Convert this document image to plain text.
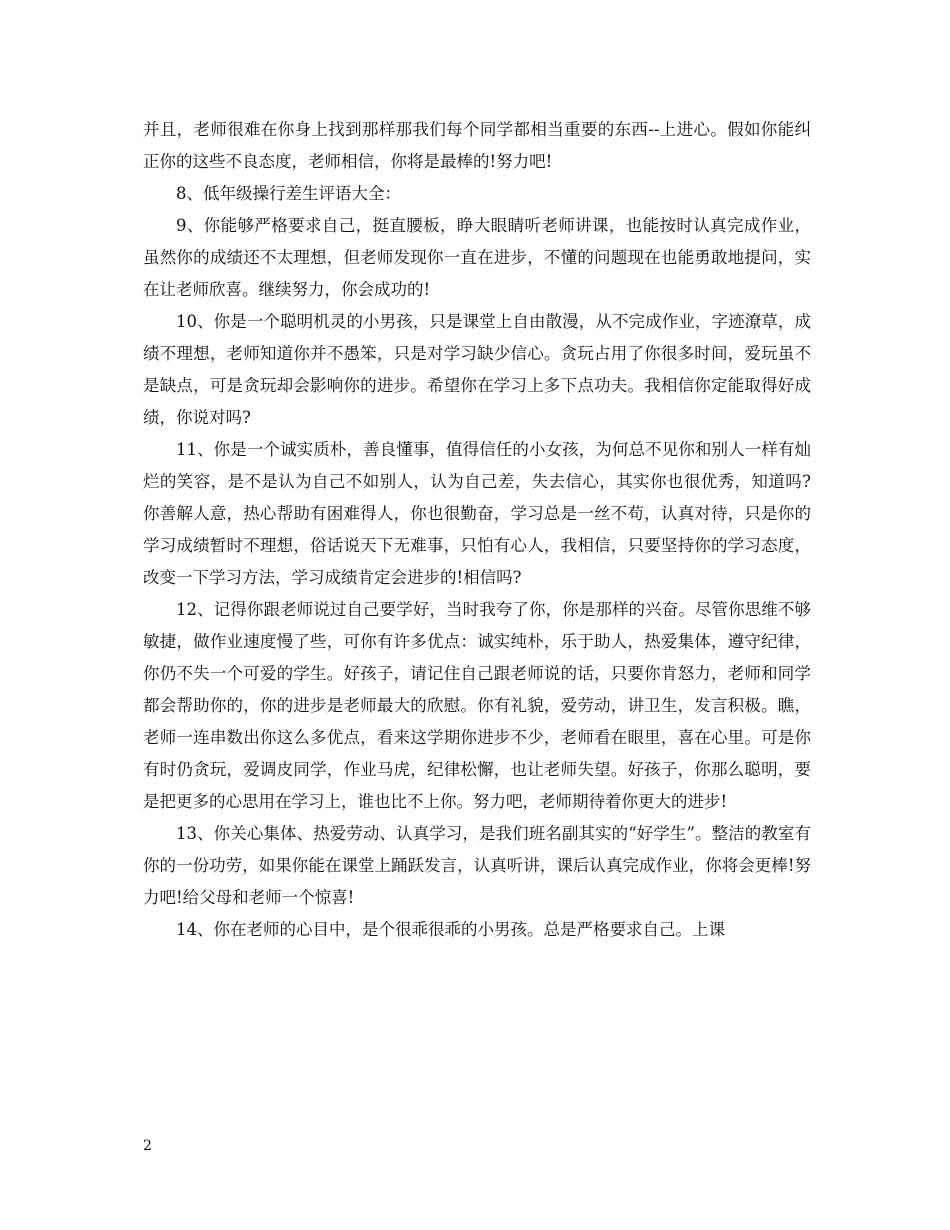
并且，老师很难在你身上找到那样那我们每个同学都相当重要的东西--上进心。假如你能纠正你的这些不良态度，老师相信，你将是最棒的!努力吧!

8、低年级操行差生评语大全：

9、你能够严格要求自己，挺直腰板，睁大眼睛听老师讲课，也能按时认真完成作业，虽然你的成绩还不太理想，但老师发现你一直在进步，不懂的问题现在也能勇敢地提问，实在让老师欣喜。继续努力，你会成功的!

10、你是一个聪明机灵的小男孩，只是课堂上自由散漫，从不完成作业，字迹潦草，成绩不理想，老师知道你并不愚笨，只是对学习缺少信心。贪玩占用了你很多时间，爱玩虽不是缺点，可是贪玩却会影响你的进步。希望你在学习上多下点功夫。我相信你定能取得好成绩，你说对吗?

11、你是一个诚实质朴，善良懂事，值得信任的小女孩，为何总不见你和别人一样有灿烂的笑容，是不是认为自己不如别人，认为自己差，失去信心，其实你也很优秀，知道吗?你善解人意，热心帮助有困难得人，你也很勤奋，学习总是一丝不苟，认真对待，只是你的学习成绩暂时不理想，俗话说天下无难事，只怕有心人，我相信，只要坚持你的学习态度，改变一下学习方法，学习成绩肯定会进步的!相信吗?

12、记得你跟老师说过自己要学好，当时我夸了你，你是那样的兴奋。尽管你思维不够敏捷，做作业速度慢了些，可你有许多优点：诚实纯朴，乐于助人，热爱集体，遵守纪律，你仍不失一个可爱的学生。好孩子，请记住自己跟老师说的话，只要你肯怒力，老师和同学都会帮助你的，你的进步是老师最大的欣慰。你有礼貌，爱劳动，讲卫生，发言积极。瞧，老师一连串数出你这么多优点，看来这学期你进步不少，老师看在眼里，喜在心里。可是你有时仍贪玩，爱调皮同学，作业马虎，纪律松懈，也让老师失望。好孩子，你那么聪明，要是把更多的心思用在学习上，谁也比不上你。努力吧，老师期待着你更大的进步!

13、你关心集体、热爱劳动、认真学习，是我们班名副其实的“好学生”。整洁的教室有你的一份功劳，如果你能在课堂上踊跃发言，认真听讲，课后认真完成作业，你将会更棒!努力吧!给父母和老师一个惊喜!

14、你在老师的心目中，是个很乖很乖的小男孩。总是严格要求自己。上课

2
